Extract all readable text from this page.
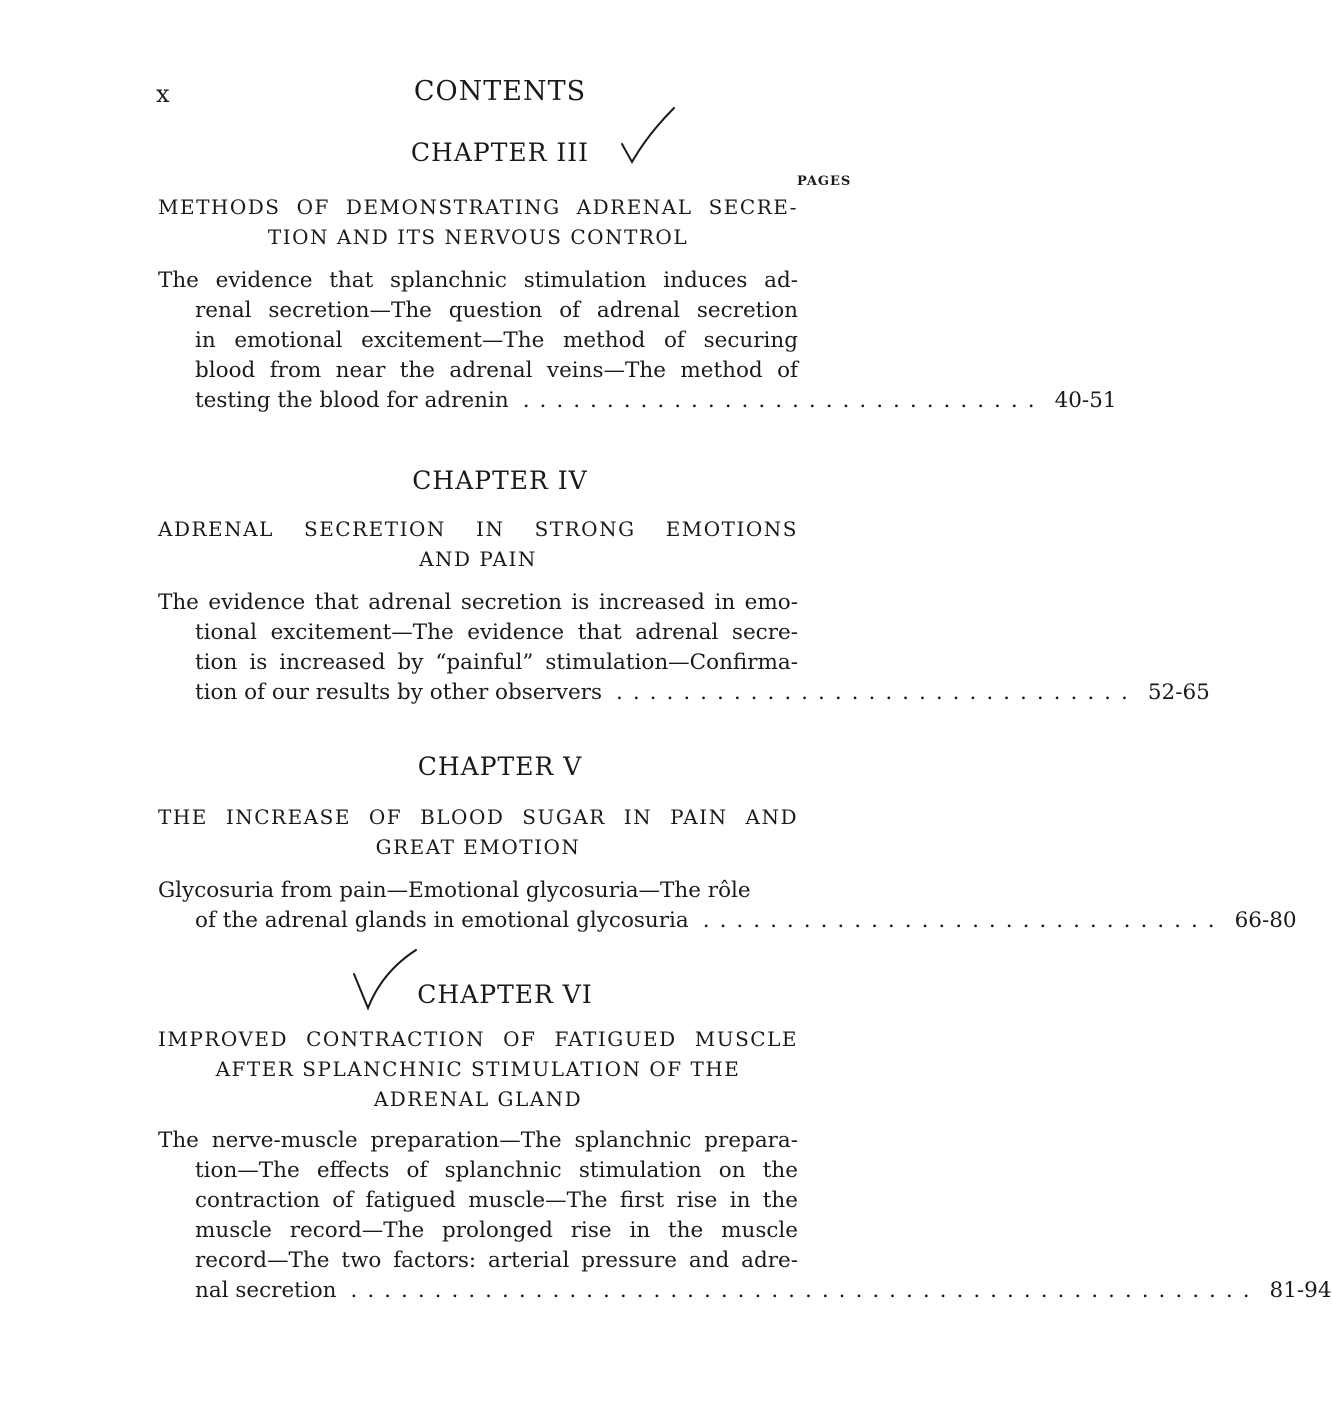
x	CONTENTS
CHAPTER III
PAGES
METHODS OF DEMONSTRATING ADRENAL SECRE-
TION AND ITS NERVOUS CONTROL
The evidence that splanchnic stimulation induces ad-
renal secretion—The question of adrenal secretion
in emotional excitement—The method of securing
blood from near the adrenal veins—The method of
testing the blood for adrenin ............................... 40-51
CHAPTER IV
ADRENAL SECRETION IN STRONG EMOTIONS
AND PAIN
The evidence that adrenal secretion is increased in emo-
tional excitement—The evidence that adrenal secre-
tion is increased by “painful” stimulation—Confirma-
tion of our results by other observers ............................... 52-65
CHAPTER V
THE INCREASE OF BLOOD SUGAR IN PAIN AND
GREAT EMOTION
Glycosuria from pain—Emotional glycosuria—The rôle
of the adrenal glands in emotional glycosuria ............................... 66-80
CHAPTER VI
IMPROVED CONTRACTION OF FATIGUED MUSCLE
AFTER SPLANCHNIC STIMULATION OF THE
ADRENAL GLAND
The nerve-muscle preparation—The splanchnic prepara-
tion—The effects of splanchnic stimulation on the
contraction of fatigued muscle—The first rise in the
muscle record—The prolonged rise in the muscle
record—The two factors: arterial pressure and adre-
nal secretion ...................................................... 81-94
